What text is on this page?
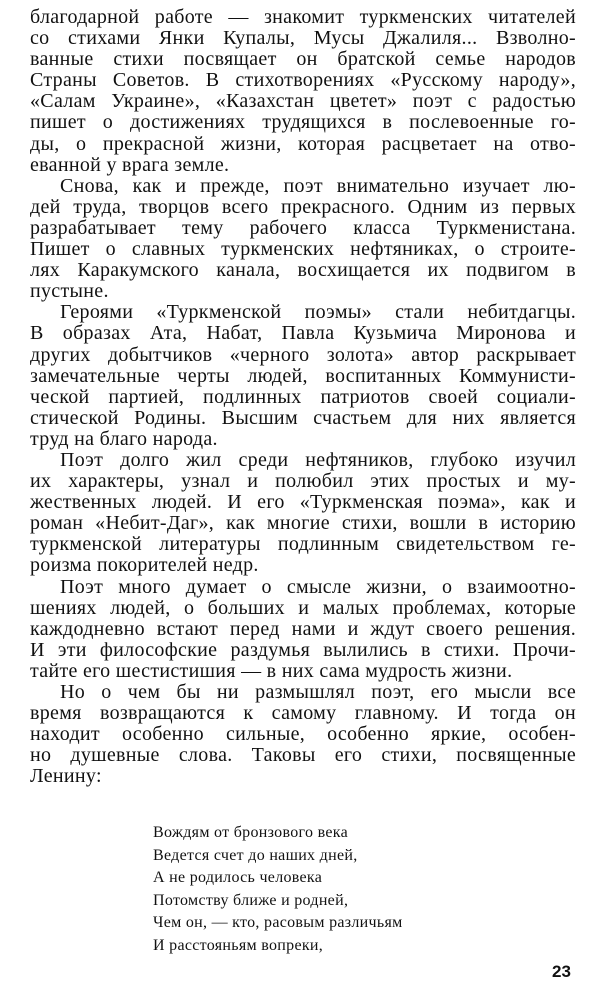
благодарной работе — знакомит туркменских читателей
со стихами Янки Купалы, Мусы Джалиля... Взволно-
ванные стихи посвящает он братской семье народов
Страны Советов. В стихотворениях «Русскому народу»,
«Салам Украине», «Казахстан цветет» поэт с радостью
пишет о достижениях трудящихся в послевоенные го-
ды, о прекрасной жизни, которая расцветает на отво-
еванной у врага земле.
Снова, как и прежде, поэт внимательно изучает лю-
дей труда, творцов всего прекрасного. Одним из первых
разрабатывает тему рабочего класса Туркменистана.
Пишет о славных туркменских нефтяниках, о строите-
лях Каракумского канала, восхищается их подвигом в
пустыне.
Героями «Туркменской поэмы» стали небитдагцы.
В образах Ата, Набат, Павла Кузьмича Миронова и
других добытчиков «черного золота» автор раскрывает
замечательные черты людей, воспитанных Коммунисти-
ческой партией, подлинных патриотов своей социали-
стической Родины. Высшим счастьем для них является
труд на благо народа.
Поэт долго жил среди нефтяников, глубоко изучил
их характеры, узнал и полюбил этих простых и му-
жественных людей. И его «Туркменская поэма», как и
роман «Небит-Даг», как многие стихи, вошли в историю
туркменской литературы подлинным свидетельством ге-
роизма покорителей недр.
Поэт много думает о смысле жизни, о взаимоотно-
шениях людей, о больших и малых проблемах, которые
каждодневно встают перед нами и ждут своего решения.
И эти философские раздумья вылились в стихи. Прочи-
тайте его шестистишия — в них сама мудрость жизни.
Но о чем бы ни размышлял поэт, его мысли все
время возвращаются к самому главному. И тогда он
находит особенно сильные, особенно яркие, особен-
но душевные слова. Таковы его стихи, посвященные
Ленину:
Вождям от бронзового века
Ведется счет до наших дней,
А не родилось человека
Потомству ближе и родней,
Чем он, — кто, расовым различьям
И расстояньям вопреки,
23
